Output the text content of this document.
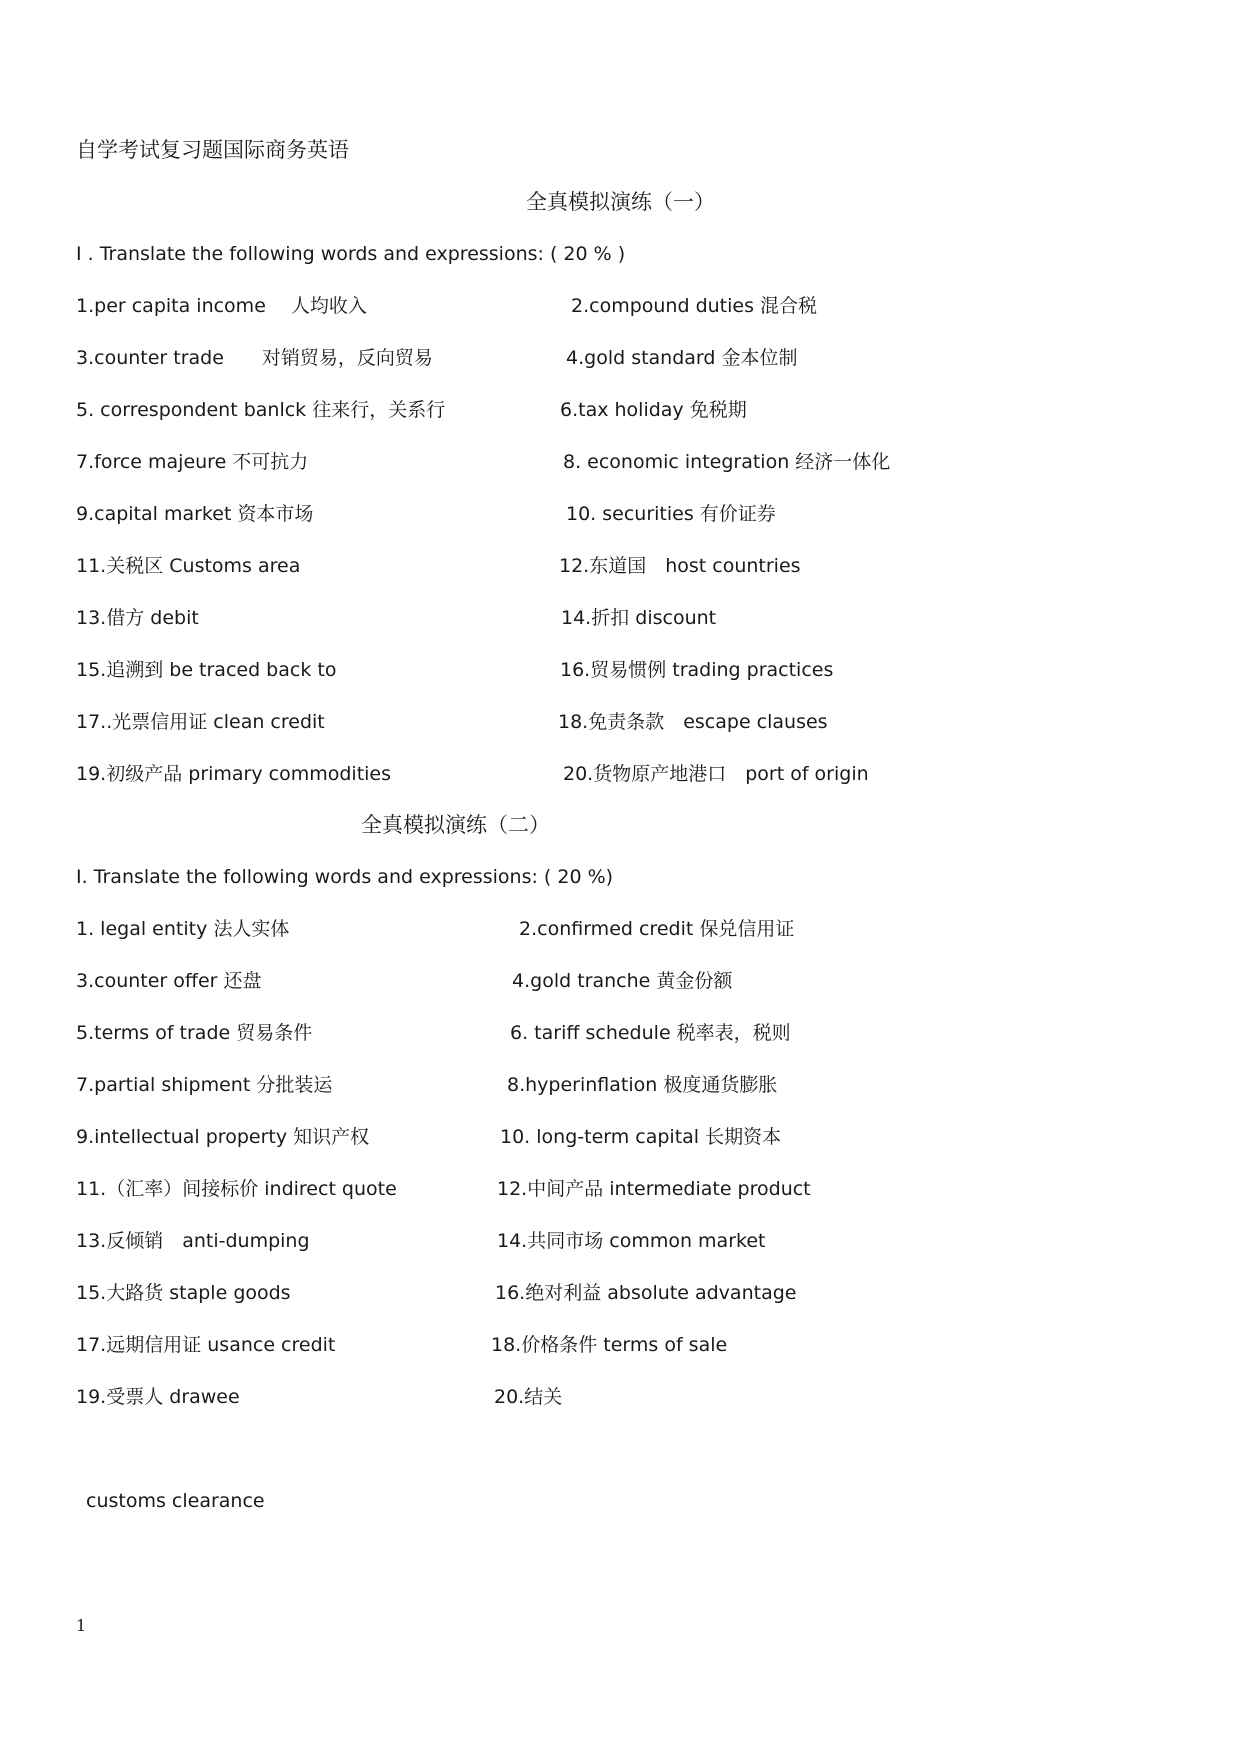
自学考试复习题国际商务英语
全真模拟演练（一）
I . Translate the following words and expressions: ( 20 % )
1.per capita income　 人均收入	2.compound duties 混合税
3.counter trade　　对销贸易，反向贸易	4.gold standard 金本位制
5. correspondent banlck 往来行，关系行	6.tax holiday 免税期
7.force majeure 不可抗力	8. economic integration 经济一体化
9.capital market 资本市场	10. securities 有价证券
11.关税区 Customs area	12.东道国　host countries
13.借方 debit	14.折扣 discount
15.追溯到 be traced back to	16.贸易惯例 trading practices
17..光票信用证 clean credit	18.免责条款　escape clauses
19.初级产品 primary commodities	20.货物原产地港口　port of origin
全真模拟演练（二）
I. Translate the following words and expressions: ( 20 %)
1. legal entity 法人实体	2.confirmed credit 保兑信用证
3.counter offer 还盘	4.gold tranche 黄金份额
5.terms of trade 贸易条件	6. tariff schedule 税率表，税则
7.partial shipment 分批装运	8.hyperinflation 极度通货膨胀
9.intellectual property 知识产权	10. long-term capital 长期资本
11.（汇率）间接标价 indirect quote	12.中间产品 intermediate product
13.反倾销　anti-dumping	14.共同市场 common market
15.大路货 staple goods	16.绝对利益 absolute advantage
17.远期信用证 usance credit	18.价格条件 terms of sale
19.受票人 drawee	20.结关
customs clearance
1
